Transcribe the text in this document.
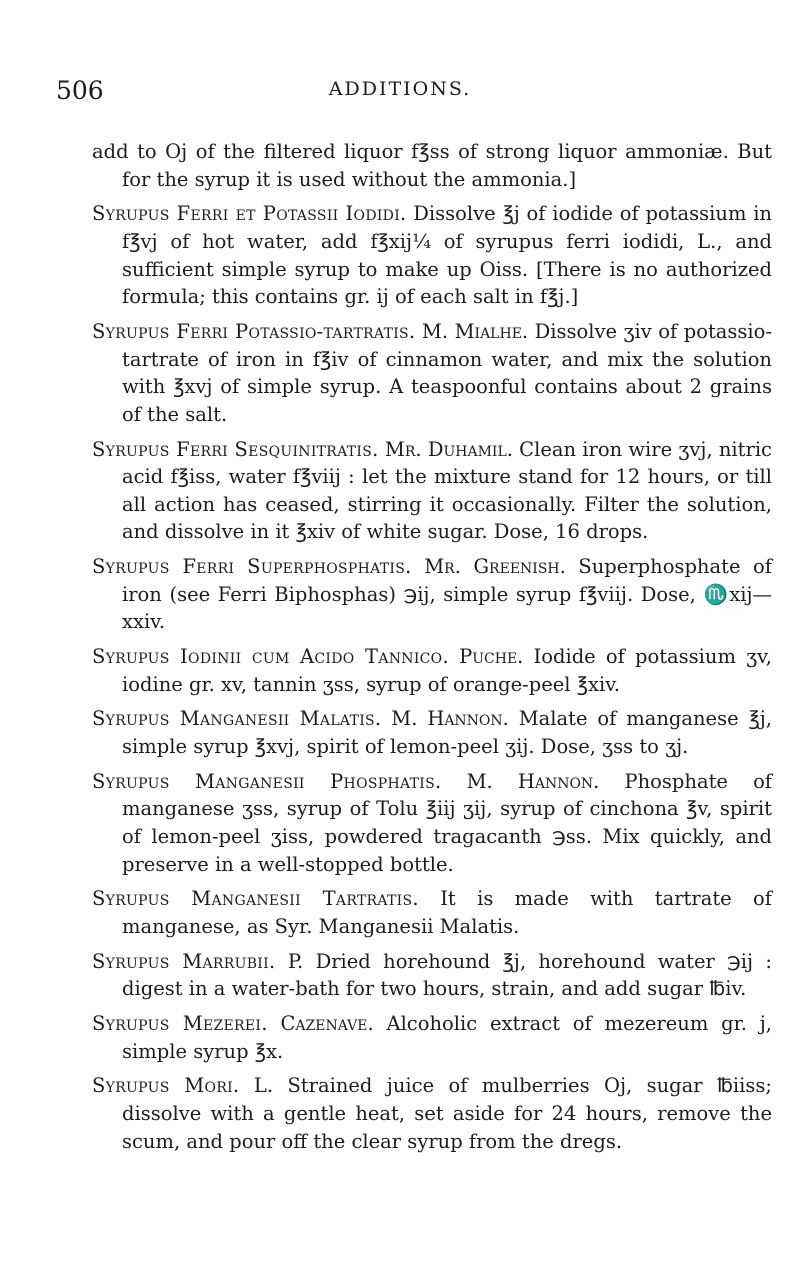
506	ADDITIONS.

add to Oj of the filtered liquor f℥ss of strong liquor ammoniæ. But for the syrup it is used without the ammonia.]

Syrupus Ferri et Potassii Iodidi. Dissolve ℥j of iodide of potassium in f℥vj of hot water, add f℥xij¼ of syrupus ferri iodidi, L., and sufficient simple syrup to make up Oiss. [There is no authorized formula; this contains gr. ij of each salt in f℥j.]

Syrupus Ferri Potassio-tartratis. M. Mialhe. Dissolve ʒiv of potassio-tartrate of iron in f℥iv of cinnamon water, and mix the solution with ℥xvj of simple syrup. A teaspoonful contains about 2 grains of the salt.

Syrupus Ferri Sesquinitratis. Mr. Duhamil. Clean iron wire ʒvj, nitric acid f℥iss, water f℥viij : let the mixture stand for 12 hours, or till all action has ceased, stirring it occasionally. Filter the solution, and dissolve in it ℥xiv of white sugar. Dose, 16 drops.

Syrupus Ferri Superphosphatis. Mr. Greenish. Superphosphate of iron (see Ferri Biphosphas) ℈ij, simple syrup f℥viij. Dose, ♏xij—xxiv.

Syrupus Iodinii cum Acido Tannico. Puche. Iodide of potassium ʒv, iodine gr. xv, tannin ʒss, syrup of orange-peel ℥xiv.

Syrupus Manganesii Malatis. M. Hannon. Malate of manganese ℥j, simple syrup ℥xvj, spirit of lemon-peel ʒij. Dose, ʒss to ʒj.

Syrupus Manganesii Phosphatis. M. Hannon. Phosphate of manganese ʒss, syrup of Tolu ℥iij ʒij, syrup of cinchona ℥v, spirit of lemon-peel ʒiss, powdered tragacanth ℈ss. Mix quickly, and preserve in a well-stopped bottle.

Syrupus Manganesii Tartratis. It is made with tartrate of manganese, as Syr. Manganesii Malatis.

Syrupus Marrubii. P. Dried horehound ℥j, horehound water ℈ij : digest in a water-bath for two hours, strain, and add sugar ℔iv.

Syrupus Mezerei. Cazenave. Alcoholic extract of mezereum gr. j, simple syrup ℥x.

Syrupus Mori. L. Strained juice of mulberries Oj, sugar ℔iiss; dissolve with a gentle heat, set aside for 24 hours, remove the scum, and pour off the clear syrup from the dregs.
